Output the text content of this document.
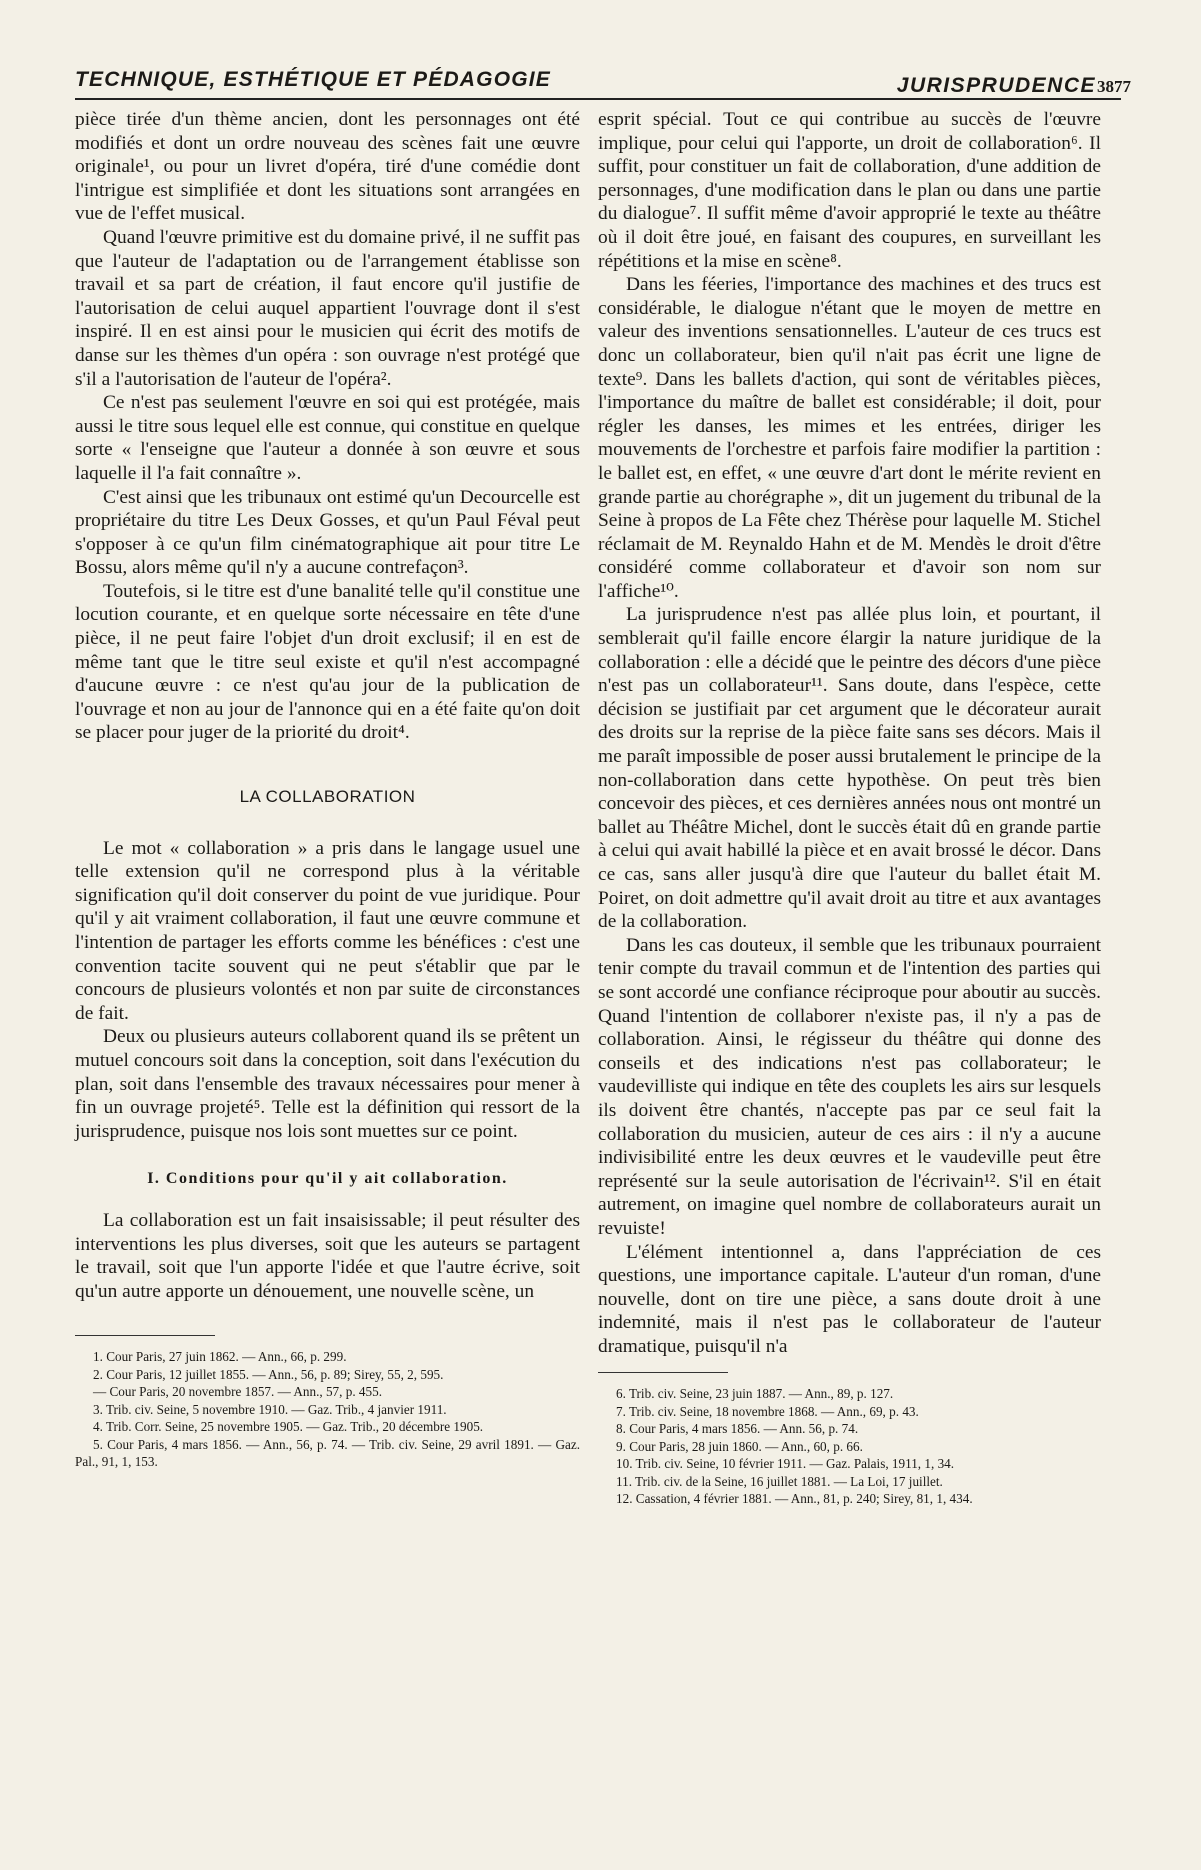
TECHNIQUE, ESTHÉTIQUE ET PÉDAGOGIE	JURISPRUDENCE 3877

pièce tirée d'un thème ancien, dont les personnages ont été modifiés et dont un ordre nouveau des scènes fait une œuvre originale¹, ou pour un livret d'opéra, tiré d'une comédie dont l'intrigue est simplifiée et dont les situations sont arrangées en vue de l'effet musical.

Quand l'œuvre primitive est du domaine privé, il ne suffit pas que l'auteur de l'adaptation ou de l'arrangement établisse son travail et sa part de création, il faut encore qu'il justifie de l'autorisation de celui auquel appartient l'ouvrage dont il s'est inspiré. Il en est ainsi pour le musicien qui écrit des motifs de danse sur les thèmes d'un opéra : son ouvrage n'est protégé que s'il a l'autorisation de l'auteur de l'opéra².

Ce n'est pas seulement l'œuvre en soi qui est protégée, mais aussi le titre sous lequel elle est connue, qui constitue en quelque sorte « l'enseigne que l'auteur a donnée à son œuvre et sous laquelle il l'a fait connaître ».

C'est ainsi que les tribunaux ont estimé qu'un Decourcelle est propriétaire du titre Les Deux Gosses, et qu'un Paul Féval peut s'opposer à ce qu'un film cinématographique ait pour titre Le Bossu, alors même qu'il n'y a aucune contrefaçon³.

Toutefois, si le titre est d'une banalité telle qu'il constitue une locution courante, et en quelque sorte nécessaire en tête d'une pièce, il ne peut faire l'objet d'un droit exclusif; il en est de même tant que le titre seul existe et qu'il n'est accompagné d'aucune œuvre : ce n'est qu'au jour de la publication de l'ouvrage et non au jour de l'annonce qui en a été faite qu'on doit se placer pour juger de la priorité du droit⁴.

LA COLLABORATION

Le mot « collaboration » a pris dans le langage usuel une telle extension qu'il ne correspond plus à la véritable signification qu'il doit conserver du point de vue juridique. Pour qu'il y ait vraiment collaboration, il faut une œuvre commune et l'intention de partager les efforts comme les bénéfices : c'est une convention tacite souvent qui ne peut s'établir que par le concours de plusieurs volontés et non par suite de circonstances de fait.

Deux ou plusieurs auteurs collaborent quand ils se prêtent un mutuel concours soit dans la conception, soit dans l'exécution du plan, soit dans l'ensemble des travaux nécessaires pour mener à fin un ouvrage projeté⁵. Telle est la définition qui ressort de la jurisprudence, puisque nos lois sont muettes sur ce point.

I. Conditions pour qu'il y ait collaboration.

La collaboration est un fait insaisissable; il peut résulter des interventions les plus diverses, soit que les auteurs se partagent le travail, soit que l'un apporte l'idée et que l'autre écrive, soit qu'un autre apporte un dénouement, une nouvelle scène, un

1. Cour Paris, 27 juin 1862. — Ann., 66, p. 299.
2. Cour Paris, 12 juillet 1855. — Ann., 56, p. 89; Sirey, 55, 2, 595.
— Cour Paris, 20 novembre 1857. — Ann., 57, p. 455.
3. Trib. civ. Seine, 5 novembre 1910. — Gaz. Trib., 4 janvier 1911.
4. Trib. Corr. Seine, 25 novembre 1905. — Gaz. Trib., 20 décembre 1905.
5. Cour Paris, 4 mars 1856. — Ann., 56, p. 74. — Trib. civ. Seine, 29 avril 1891. — Gaz. Pal., 91, 1, 153.

esprit spécial. Tout ce qui contribue au succès de l'œuvre implique, pour celui qui l'apporte, un droit de collaboration⁶. Il suffit, pour constituer un fait de collaboration, d'une addition de personnages, d'une modification dans le plan ou dans une partie du dialogue⁷. Il suffit même d'avoir approprié le texte au théâtre où il doit être joué, en faisant des coupures, en surveillant les répétitions et la mise en scène⁸.

Dans les féeries, l'importance des machines et des trucs est considérable, le dialogue n'étant que le moyen de mettre en valeur des inventions sensationnelles. L'auteur de ces trucs est donc un collaborateur, bien qu'il n'ait pas écrit une ligne de texte⁹. Dans les ballets d'action, qui sont de véritables pièces, l'importance du maître de ballet est considérable; il doit, pour régler les danses, les mimes et les entrées, diriger les mouvements de l'orchestre et parfois faire modifier la partition : le ballet est, en effet, « une œuvre d'art dont le mérite revient en grande partie au chorégraphe », dit un jugement du tribunal de la Seine à propos de La Fête chez Thérèse pour laquelle M. Stichel réclamait de M. Reynaldo Hahn et de M. Mendès le droit d'être considéré comme collaborateur et d'avoir son nom sur l'affiche¹⁰.

La jurisprudence n'est pas allée plus loin, et pourtant, il semblerait qu'il faille encore élargir la nature juridique de la collaboration : elle a décidé que le peintre des décors d'une pièce n'est pas un collaborateur¹¹. Sans doute, dans l'espèce, cette décision se justifiait par cet argument que le décorateur aurait des droits sur la reprise de la pièce faite sans ses décors. Mais il me paraît impossible de poser aussi brutalement le principe de la non-collaboration dans cette hypothèse. On peut très bien concevoir des pièces, et ces dernières années nous ont montré un ballet au Théâtre Michel, dont le succès était dû en grande partie à celui qui avait habillé la pièce et en avait brossé le décor. Dans ce cas, sans aller jusqu'à dire que l'auteur du ballet était M. Poiret, on doit admettre qu'il avait droit au titre et aux avantages de la collaboration.

Dans les cas douteux, il semble que les tribunaux pourraient tenir compte du travail commun et de l'intention des parties qui se sont accordé une confiance réciproque pour aboutir au succès. Quand l'intention de collaborer n'existe pas, il n'y a pas de collaboration. Ainsi, le régisseur du théâtre qui donne des conseils et des indications n'est pas collaborateur; le vaudevilliste qui indique en tête des couplets les airs sur lesquels ils doivent être chantés, n'accepte pas par ce seul fait la collaboration du musicien, auteur de ces airs : il n'y a aucune indivisibilité entre les deux œuvres et le vaudeville peut être représenté sur la seule autorisation de l'écrivain¹². S'il en était autrement, on imagine quel nombre de collaborateurs aurait un revuiste!

L'élément intentionnel a, dans l'appréciation de ces questions, une importance capitale. L'auteur d'un roman, d'une nouvelle, dont on tire une pièce, a sans doute droit à une indemnité, mais il n'est pas le collaborateur de l'auteur dramatique, puisqu'il n'a

6. Trib. civ. Seine, 23 juin 1887. — Ann., 89, p. 127.
7. Trib. civ. Seine, 18 novembre 1868. — Ann., 69, p. 43.
8. Cour Paris, 4 mars 1856. — Ann. 56, p. 74.
9. Cour Paris, 28 juin 1860. — Ann., 60, p. 66.
10. Trib. civ. Seine, 10 février 1911. — Gaz. Palais, 1911, 1, 34.
11. Trib. civ. de la Seine, 16 juillet 1881. — La Loi, 17 juillet.
12. Cassation, 4 février 1881. — Ann., 81, p. 240; Sirey, 81, 1, 434.
